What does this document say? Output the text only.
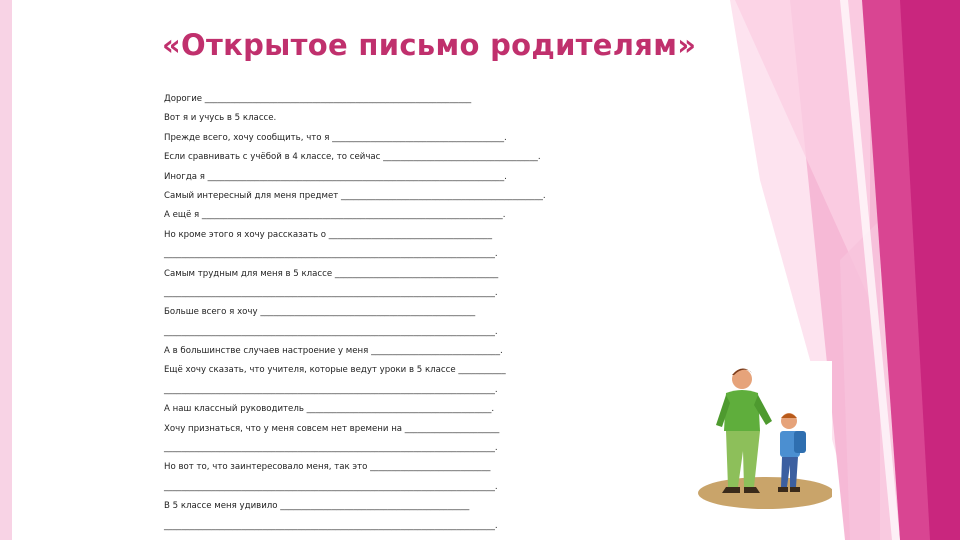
«Открытое письмо родителям»
Дорогие ______________________________________________________________
Вот я и учусь в 5 классе.
Прежде всего, хочу сообщить, что я ________________________________________.
Если сравнивать с учёбой в 4 классе, то сейчас ____________________________________.
Иногда я _____________________________________________________________________.
Самый интересный для меня предмет _______________________________________________.
А ещё я ______________________________________________________________________.
Но кроме этого я хочу рассказать о ______________________________________
_____________________________________________________________________________.
Самым трудным для меня в 5 классе ______________________________________
_____________________________________________________________________________.
Больше всего я хочу __________________________________________________
_____________________________________________________________________________.
А в большинстве случаев настроение у меня ______________________________.
Ещё хочу сказать, что учителя, которые ведут уроки в 5 классе ___________
_____________________________________________________________________________.
А наш классный руководитель ___________________________________________.
Хочу признаться, что у меня совсем нет времени на ______________________
_____________________________________________________________________________.
Но вот то, что заинтересовало меня, так это ____________________________
_____________________________________________________________________________.
В 5 классе меня удивило ____________________________________________
_____________________________________________________________________________.
